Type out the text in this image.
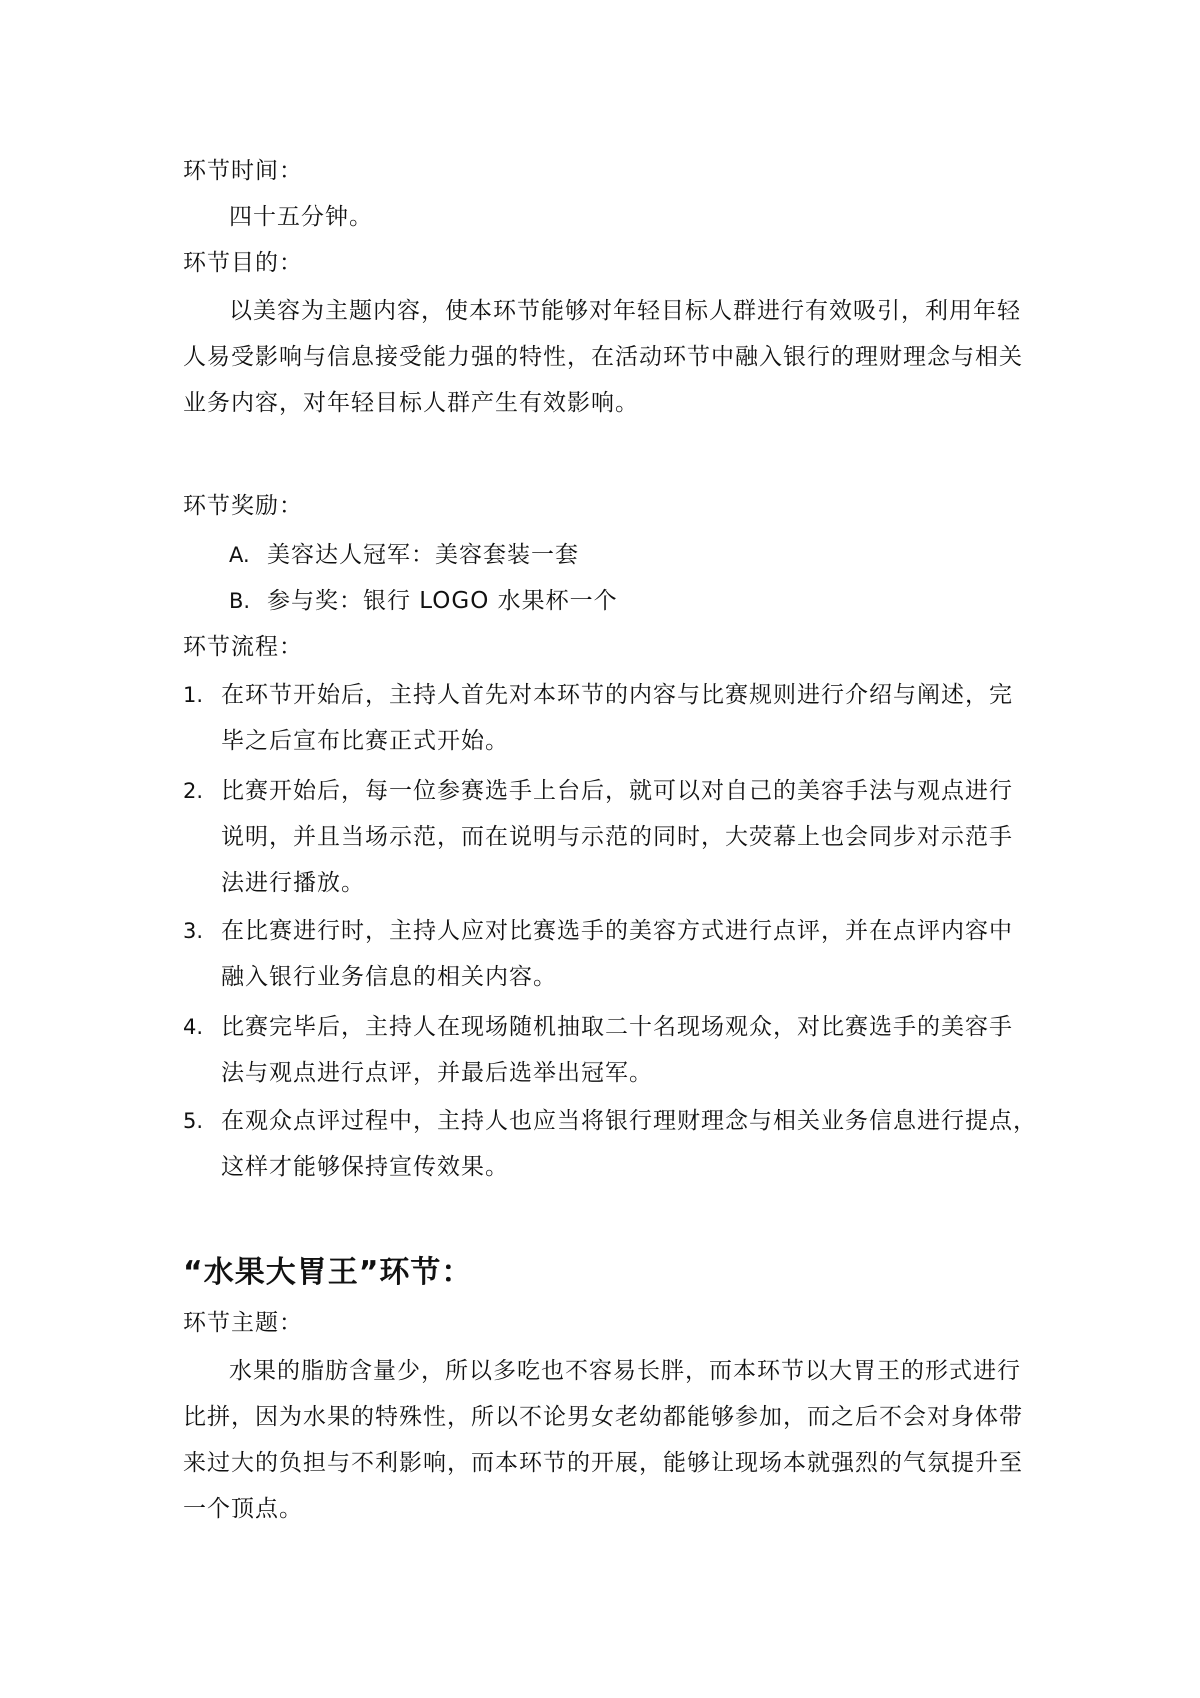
环节时间：

四十五分钟。

环节目的：

以美容为主题内容，使本环节能够对年轻目标人群进行有效吸引，利用年轻

人易受影响与信息接受能力强的特性，在活动环节中融入银行的理财理念与相关

业务内容，对年轻目标人群产生有效影响。

环节奖励：

A. 美容达人冠军：美容套装一套

B. 参与奖：银行 LOGO 水果杯一个

环节流程：

1. 在环节开始后，主持人首先对本环节的内容与比赛规则进行介绍与阐述，完

毕之后宣布比赛正式开始。

2. 比赛开始后，每一位参赛选手上台后，就可以对自己的美容手法与观点进行

说明，并且当场示范，而在说明与示范的同时，大荧幕上也会同步对示范手

法进行播放。

3. 在比赛进行时，主持人应对比赛选手的美容方式进行点评，并在点评内容中

融入银行业务信息的相关内容。

4. 比赛完毕后，主持人在现场随机抽取二十名现场观众，对比赛选手的美容手

法与观点进行点评，并最后选举出冠军。

5. 在观众点评过程中，主持人也应当将银行理财理念与相关业务信息进行提点，

这样才能够保持宣传效果。

“水果大胃王”环节：

环节主题：

水果的脂肪含量少，所以多吃也不容易长胖，而本环节以大胃王的形式进行

比拼，因为水果的特殊性，所以不论男女老幼都能够参加，而之后不会对身体带

来过大的负担与不利影响，而本环节的开展，能够让现场本就强烈的气氛提升至

一个顶点。
